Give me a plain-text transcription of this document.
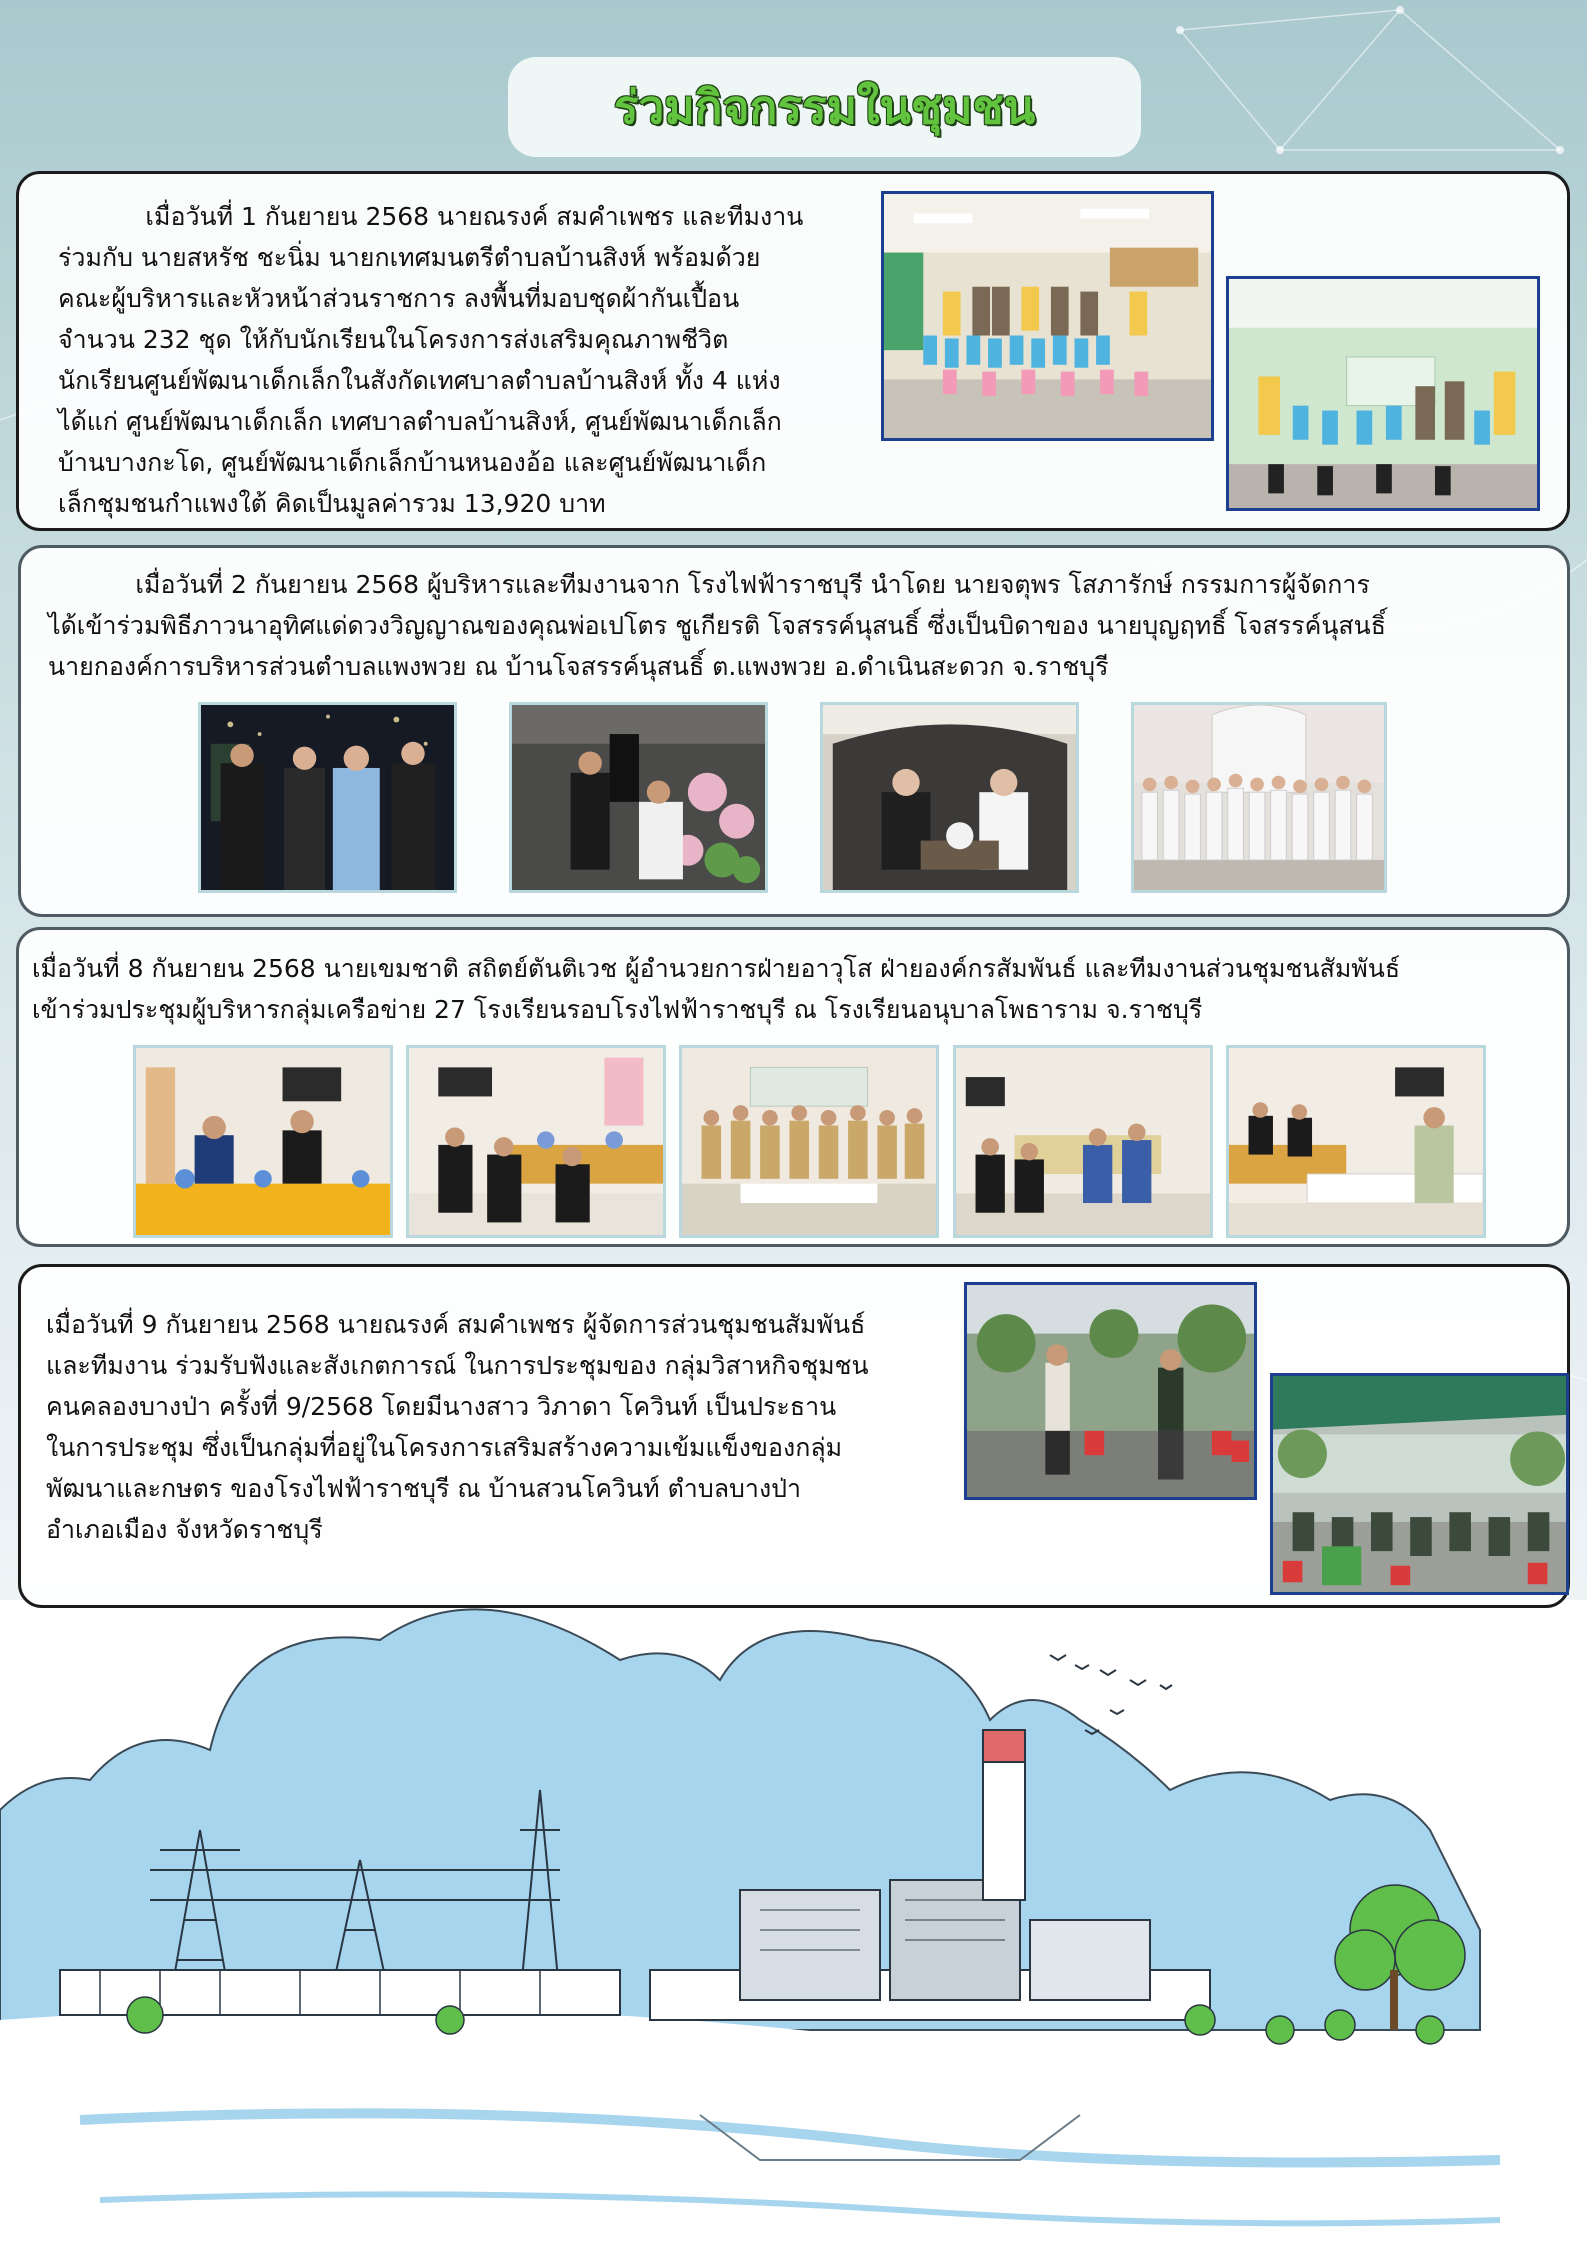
ร่วมกิจกรรมในชุมชน
เมื่อวันที่ 1 กันยายน 2568 นายณรงค์ สมคำเพชร และทีมงาน
ร่วมกับ นายสหรัช ชะนิ่ม นายกเทศมนตรีตำบลบ้านสิงห์ พร้อมด้วย
คณะผู้บริหารและหัวหน้าส่วนราชการ ลงพื้นที่มอบชุดผ้ากันเปื้อน
จำนวน 232 ชุด ให้กับนักเรียนในโครงการส่งเสริมคุณภาพชีวิต
นักเรียนศูนย์พัฒนาเด็กเล็กในสังกัดเทศบาลตำบลบ้านสิงห์ ทั้ง 4 แห่ง
ได้แก่ ศูนย์พัฒนาเด็กเล็ก เทศบาลตำบลบ้านสิงห์, ศูนย์พัฒนาเด็กเล็ก
บ้านบางกะโด, ศูนย์พัฒนาเด็กเล็กบ้านหนองอ้อ และศูนย์พัฒนาเด็ก
เล็กชุมชนกำแพงใต้ คิดเป็นมูลค่ารวม 13,920 บาท
เมื่อวันที่ 2 กันยายน 2568 ผู้บริหารและทีมงานจาก โรงไฟฟ้าราชบุรี นำโดย นายจตุพร โสภารักษ์ กรรมการผู้จัดการ
ได้เข้าร่วมพิธีภาวนาอุทิศแด่ดวงวิญญาณของคุณพ่อเปโตร ชูเกียรติ โจสรรค์นุสนธิ์ ซึ่งเป็นบิดาของ นายบุญฤทธิ์ โจสรรค์นุสนธิ์
นายกองค์การบริหารส่วนตำบลแพงพวย ณ บ้านโจสรรค์นุสนธิ์ ต.แพงพวย อ.ดำเนินสะดวก จ.ราชบุรี
เมื่อวันที่ 8 กันยายน 2568 นายเขมชาติ สถิตย์ตันติเวช ผู้อำนวยการฝ่ายอาวุโส ฝ่ายองค์กรสัมพันธ์ และทีมงานส่วนชุมชนสัมพันธ์
เข้าร่วมประชุมผู้บริหารกลุ่มเครือข่าย 27 โรงเรียนรอบโรงไฟฟ้าราชบุรี ณ โรงเรียนอนุบาลโพธาราม จ.ราชบุรี
เมื่อวันที่ 9 กันยายน 2568 นายณรงค์ สมคำเพชร ผู้จัดการส่วนชุมชนสัมพันธ์
และทีมงาน ร่วมรับฟังและสังเกตการณ์ ในการประชุมของ กลุ่มวิสาหกิจชุมชน
คนคลองบางป่า ครั้งที่ 9/2568 โดยมีนางสาว วิภาดา โควินท์ เป็นประธาน
ในการประชุม ซึ่งเป็นกลุ่มที่อยู่ในโครงการเสริมสร้างความเข้มแข็งของกลุ่ม
พัฒนาและกษตร ของโรงไฟฟ้าราชบุรี ณ บ้านสวนโควินท์ ตำบลบางป่า
อำเภอเมือง จังหวัดราชบุรี
